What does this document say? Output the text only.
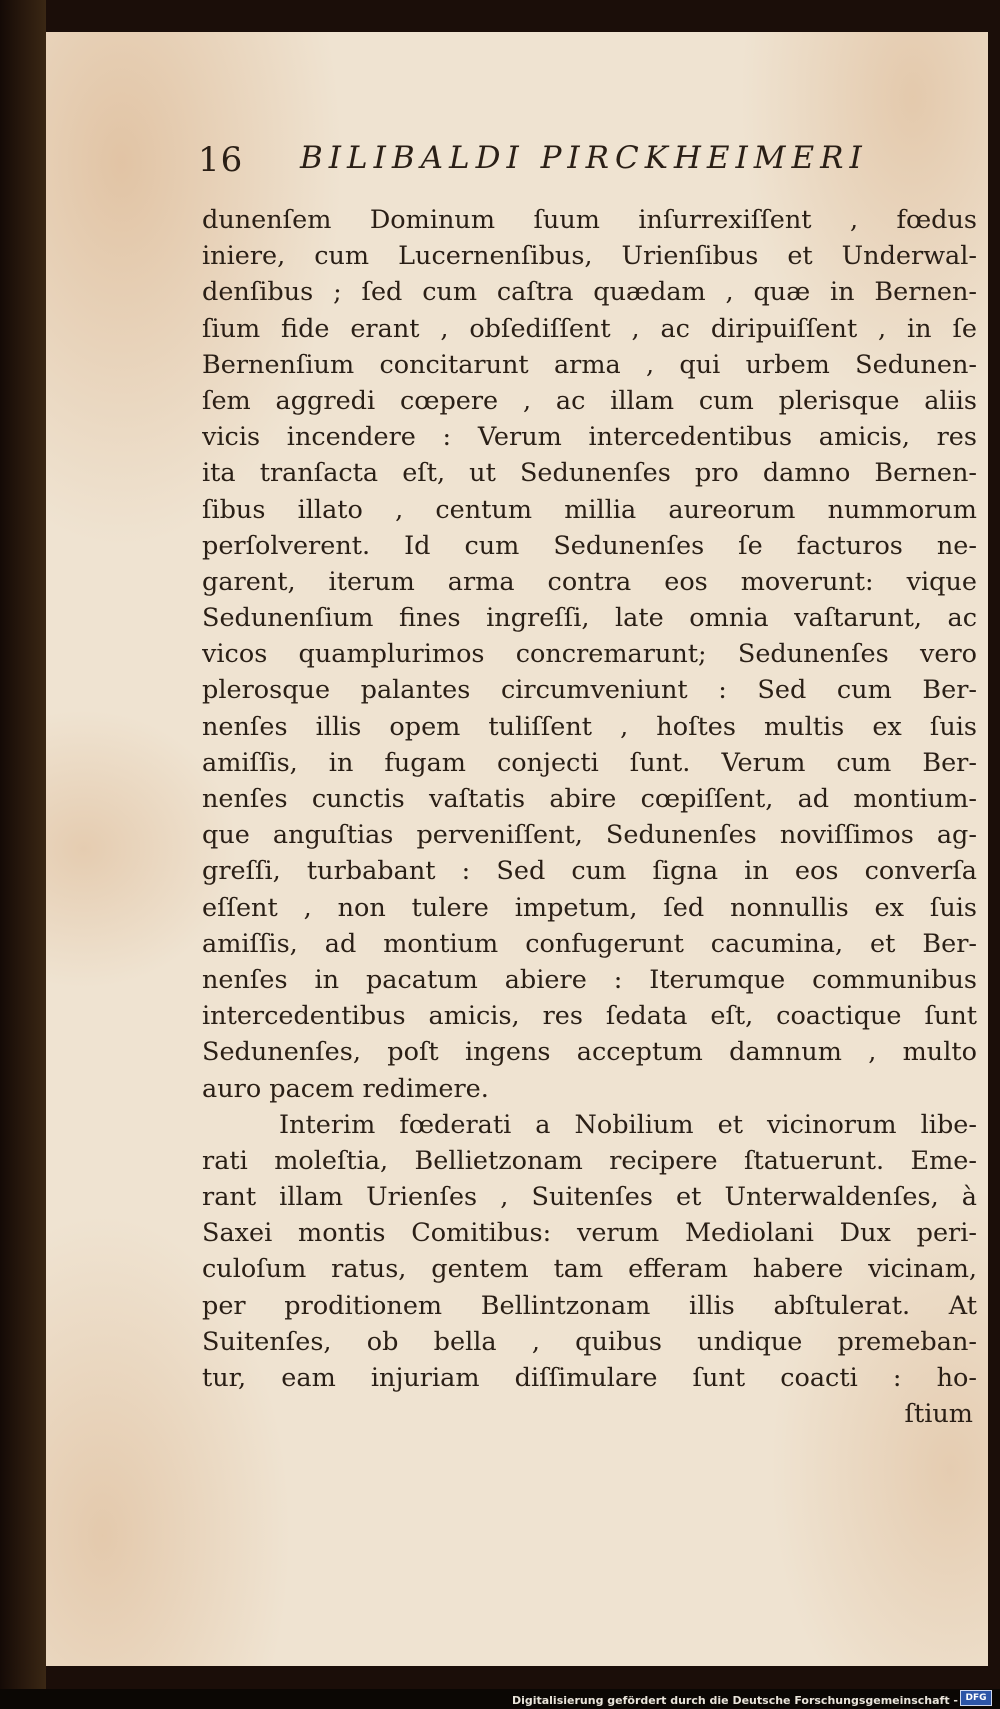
16 BILIBALDI PIRCKHEIMERI
dunenſem Dominum ſuum inſurrexiſſent , fœdus
iniere, cum Lucernenſibus, Urienſibus et Underwal-
denſibus ; ſed cum caſtra quædam , quæ in Bernen-
ſium fide erant , obſediſſent , ac diripuiſſent , in ſe
Bernenſium concitarunt arma , qui urbem Sedunen-
ſem aggredi cœpere , ac illam cum plerisque aliis
vicis incendere : Verum intercedentibus amicis, res
ita tranſacta eſt, ut Sedunenſes pro damno Bernen-
ſibus illato , centum millia aureorum nummorum
perſolverent. Id cum Sedunenſes ſe facturos ne-
garent, iterum arma contra eos moverunt: vique
Sedunenſium fines ingreſſi, late omnia vaſtarunt, ac
vicos quamplurimos concremarunt; Sedunenſes vero
plerosque palantes circumveniunt : Sed cum Ber-
nenſes illis opem tuliſſent , hoſtes multis ex ſuis
amiſſis, in fugam conjecti ſunt. Verum cum Ber-
nenſes cunctis vaſtatis abire cœpiſſent, ad montium-
que anguſtias perveniſſent, Sedunenſes noviſſimos ag-
greſſi, turbabant : Sed cum ſigna in eos converſa
eſſent , non tulere impetum, ſed nonnullis ex ſuis
amiſſis, ad montium confugerunt cacumina, et Ber-
nenſes in pacatum abiere : Iterumque communibus
intercedentibus amicis, res ſedata eſt, coactique ſunt
Sedunenſes, poſt ingens acceptum damnum , multo
auro pacem redimere.
Interim fœderati a Nobilium et vicinorum libe-
rati moleſtia, Bellietzonam recipere ſtatuerunt. Eme-
rant illam Urienſes , Suitenſes et Unterwaldenſes, à
Saxei montis Comitibus: verum Mediolani Dux peri-
culoſum ratus, gentem tam efferam habere vicinam,
per proditionem Bellintzonam illis abſtulerat. At
Suitenſes, ob bella , quibus undique premeban-
tur, eam injuriam diſſimulare ſunt coacti : ho-
ſtium
Digitalisierung gefördert durch die Deutsche Forschungsgemeinschaft - DFG
